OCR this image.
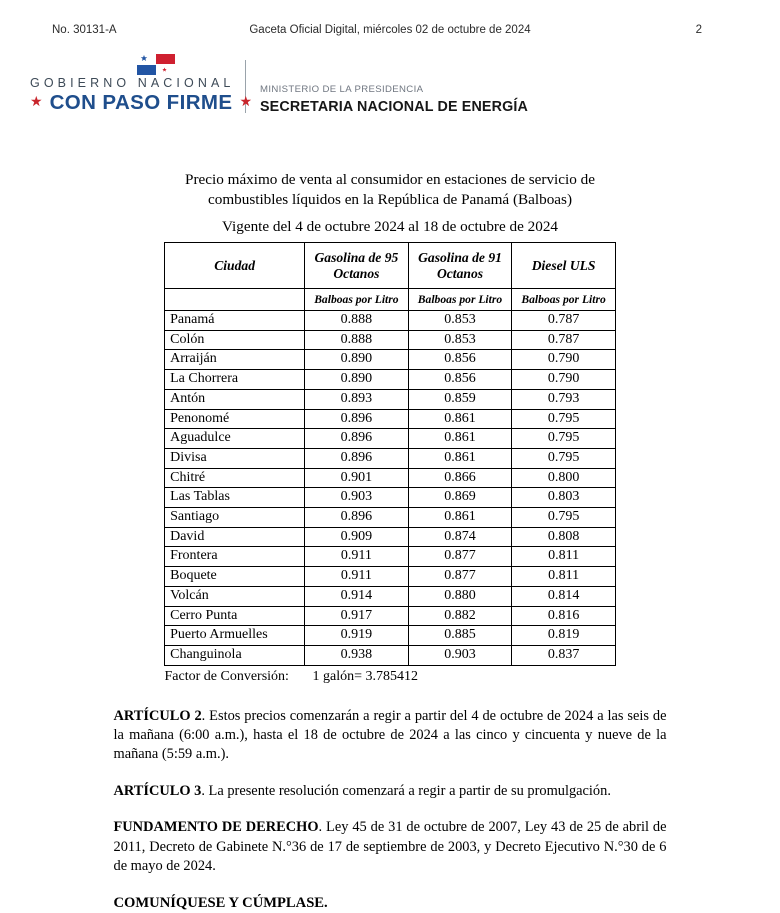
No. 30131-A	Gaceta Oficial Digital, miércoles 02 de octubre de 2024	2
GOBIERNO NACIONAL
★ CON PASO FIRME ★
MINISTERIO DE LA PRESIDENCIA
SECRETARIA NACIONAL DE ENERGÍA
Precio máximo de venta al consumidor en estaciones de servicio de
combustibles líquidos en la República de Panamá (Balboas)
Vigente del 4 de octubre 2024 al 18 de octubre de 2024
Ciudad	Gasolina de 95 Octanos	Gasolina de 91 Octanos	Diesel ULS
	Balboas por Litro	Balboas por Litro	Balboas por Litro
Panamá	0.888	0.853	0.787
Colón	0.888	0.853	0.787
Arraiján	0.890	0.856	0.790
La Chorrera	0.890	0.856	0.790
Antón	0.893	0.859	0.793
Penonomé	0.896	0.861	0.795
Aguadulce	0.896	0.861	0.795
Divisa	0.896	0.861	0.795
Chitré	0.901	0.866	0.800
Las Tablas	0.903	0.869	0.803
Santiago	0.896	0.861	0.795
David	0.909	0.874	0.808
Frontera	0.911	0.877	0.811
Boquete	0.911	0.877	0.811
Volcán	0.914	0.880	0.814
Cerro Punta	0.917	0.882	0.816
Puerto Armuelles	0.919	0.885	0.819
Changuinola	0.938	0.903	0.837
Factor de Conversión:	1 galón= 3.785412
ARTÍCULO 2. Estos precios comenzarán a regir a partir del 4 de octubre de 2024 a las seis de la mañana (6:00 a.m.), hasta el 18 de octubre de 2024 a las cinco y cincuenta y nueve de la mañana (5:59 a.m.).
ARTÍCULO 3. La presente resolución comenzará a regir a partir de su promulgación.
FUNDAMENTO DE DERECHO. Ley 45 de 31 de octubre de 2007, Ley 43 de 25 de abril de 2011, Decreto de Gabinete N.°36 de 17 de septiembre de 2003, y Decreto Ejecutivo N.°30 de 6 de mayo de 2024.
COMUNÍQUESE Y CÚMPLASE.
